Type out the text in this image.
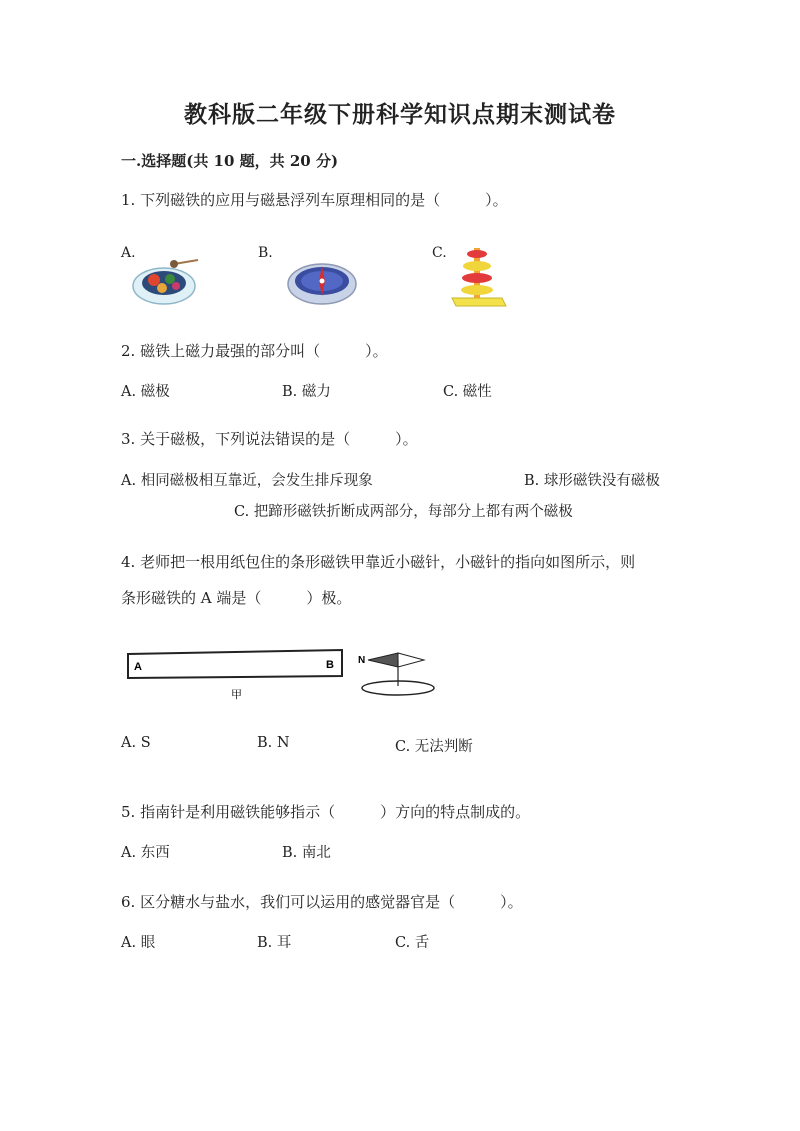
教科版二年级下册科学知识点期末测试卷
一.选择题(共 10 题，共 20 分)
1. 下列磁铁的应用与磁悬浮列车原理相同的是（　　　）。
A.	B.	C.
2. 磁铁上磁力最强的部分叫（　　　）。
A. 磁极	B. 磁力	C. 磁性
3. 关于磁极，下列说法错误的是（　　　）。
A. 相同磁极相互靠近，会发生排斥现象	B. 球形磁铁没有磁极
C. 把蹄形磁铁折断成两部分，每部分上都有两个磁极
4. 老师把一根用纸包住的条形磁铁甲靠近小磁针，小磁针的指向如图所示，则
条形磁铁的 A 端是（　　　）极。
A	B
甲
N
A. S	B. N	C. 无法判断
5. 指南针是利用磁铁能够指示（　　　）方向的特点制成的。
A. 东西	B. 南北
6. 区分糖水与盐水，我们可以运用的感觉器官是（　　　）。
A. 眼	B. 耳	C. 舌
